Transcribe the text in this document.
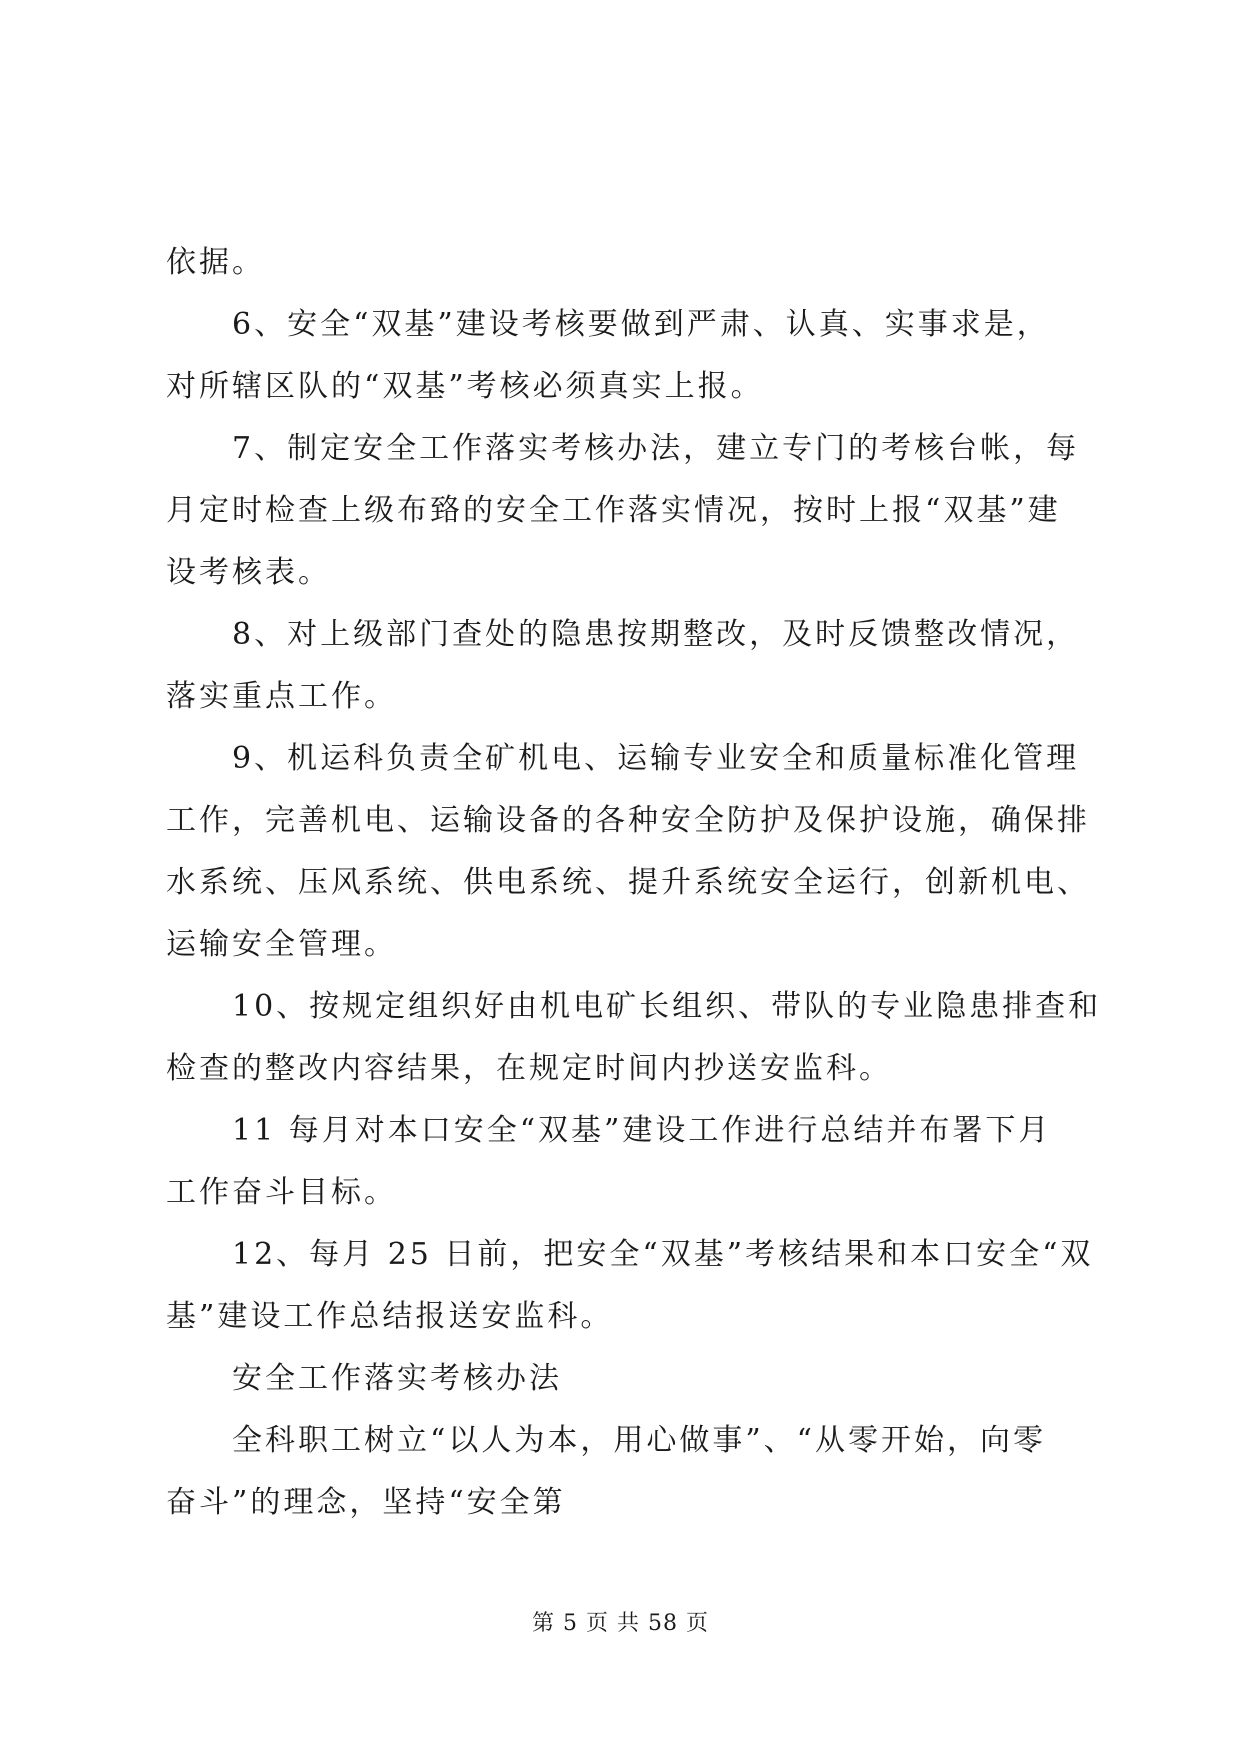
依据。
6、安全“双基”建设考核要做到严肃、认真、实事求是，
对所辖区队的“双基”考核必须真实上报。
7、制定安全工作落实考核办法，建立专门的考核台帐，每
月定时检查上级布臵的安全工作落实情况，按时上报“双基”建
设考核表。
8、对上级部门查处的隐患按期整改，及时反馈整改情况，
落实重点工作。
9、机运科负责全矿机电、运输专业安全和质量标准化管理
工作，完善机电、运输设备的各种安全防护及保护设施，确保排
水系统、压风系统、供电系统、提升系统安全运行，创新机电、
运输安全管理。
10、按规定组织好由机电矿长组织、带队的专业隐患排查和
检查的整改内容结果，在规定时间内抄送安监科。
11 每月对本口安全“双基”建设工作进行总结并布署下月
工作奋斗目标。
12、每月 25 日前，把安全“双基”考核结果和本口安全“双
基”建设工作总结报送安监科。
安全工作落实考核办法
全科职工树立“以人为本，用心做事”、“从零开始，向零
奋斗”的理念，坚持“安全第
第 5 页 共 58 页
